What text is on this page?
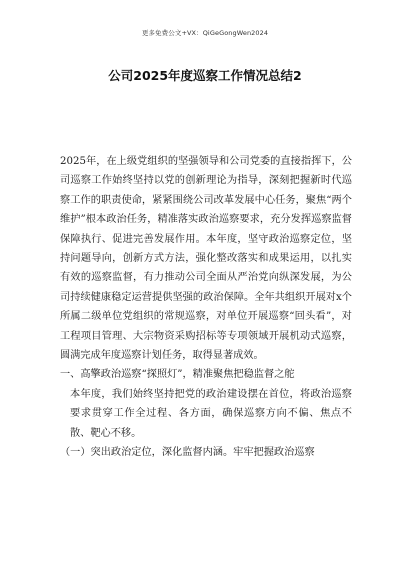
更多免费公文+VX：QiGeGongWen2024
公司2025年度巡察工作情况总结2

2025年，在上级党组织的坚强领导和公司党委的直接指挥下，公司巡察工作始终坚持以党的创新理论为指导，深刻把握新时代巡察工作的职责使命，紧紧围绕公司改革发展中心任务，聚焦“两个维护”根本政治任务，精准落实政治巡察要求，充分发挥巡察监督保障执行、促进完善发展作用。本年度，坚守政治巡察定位，坚持问题导向，创新方式方法，强化整改落实和成果运用，以扎实有效的巡察监督，有力推动公司全面从严治党向纵深发展，为公司持续健康稳定运营提供坚强的政治保障。全年共组织开展对x个所属二级单位党组织的常规巡察，对单位开展巡察“回头看”，对工程项目管理、大宗物资采购招标等专项领域开展机动式巡察，圆满完成年度巡察计划任务，取得显著成效。

一、高擎政治巡察“探照灯”，精准聚焦把稳监督之舵

本年度，我们始终坚持把党的政治建设摆在首位，将政治巡察要求贯穿工作全过程、各方面，确保巡察方向不偏、焦点不散、靶心不移。

（一）突出政治定位，深化监督内涵。牢牢把握政治巡察
